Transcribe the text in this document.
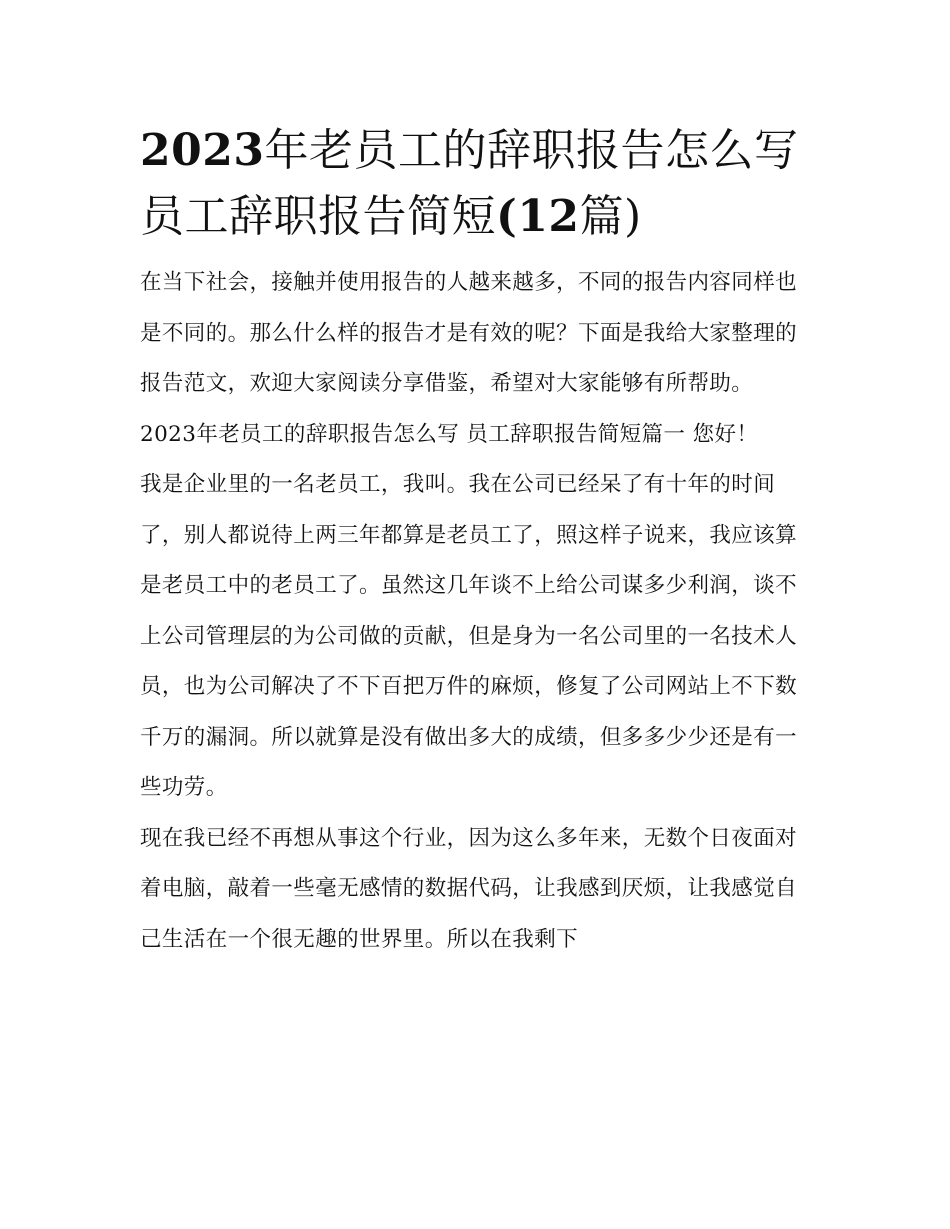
2023年老员工的辞职报告怎么写 员工辞职报告简短(12篇)

在当下社会，接触并使用报告的人越来越多，不同的报告内容同样也是不同的。那么什么样的报告才是有效的呢？下面是我给大家整理的报告范文，欢迎大家阅读分享借鉴，希望对大家能够有所帮助。

2023年老员工的辞职报告怎么写 员工辞职报告简短篇一 您好！

我是企业里的一名老员工，我叫。我在公司已经呆了有十年的时间了，别人都说待上两三年都算是老员工了，照这样子说来，我应该算是老员工中的老员工了。虽然这几年谈不上给公司谋多少利润，谈不上公司管理层的为公司做的贡献，但是身为一名公司里的一名技术人员，也为公司解决了不下百把万件的麻烦，修复了公司网站上不下数千万的漏洞。所以就算是没有做出多大的成绩，但多多少少还是有一些功劳。

现在我已经不再想从事这个行业，因为这么多年来，无数个日夜面对着电脑，敲着一些毫无感情的数据代码，让我感到厌烦，让我感觉自己生活在一个很无趣的世界里。所以在我剩下
